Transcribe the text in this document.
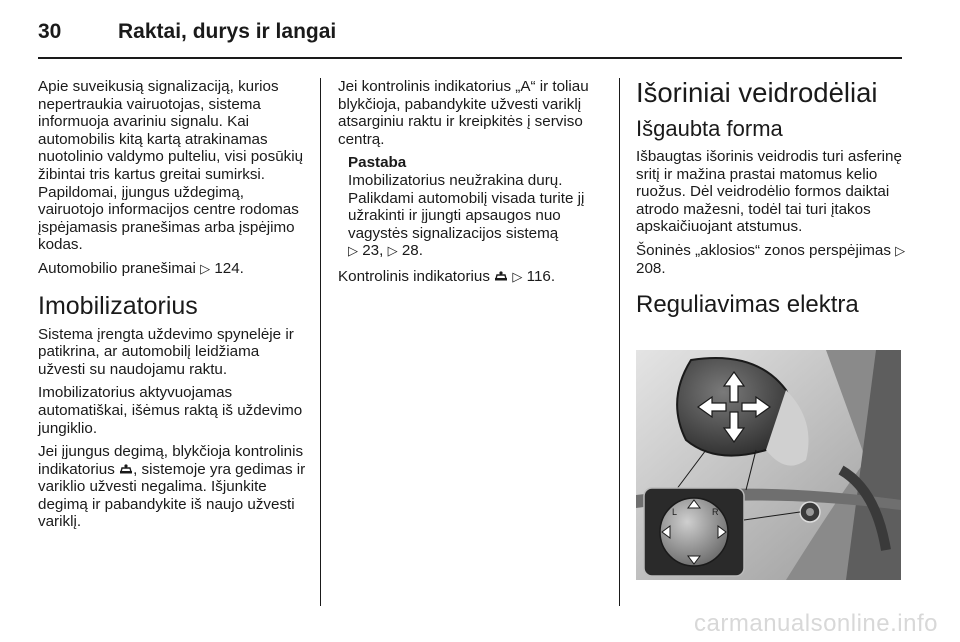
30	Raktai, durys ir langai

Apie suveikusią signalizaciją, kurios nepertraukia vairuotojas, sistema informuoja avariniu signalu. Kai automobilis kitą kartą atrakinamas nuotolinio valdymo pulteliu, visi posūkių žibintai tris kartus greitai sumirksi. Papildomai, įjungus uždegimą, vairuotojo informacijos centre rodomas įspėjamasis pranešimas arba įspėjimo kodas.

Automobilio pranešimai ▷ 124.

Imobilizatorius

Sistema įrengta uždevimo spynelėje ir patikrina, ar automobilį leidžiama užvesti su naudojamu raktu.

Imobilizatorius aktyvuojamas automatiškai, išėmus raktą iš uždevimo jungiklio.

Jei įjungus degimą, blykčioja kontrolinis indikatorius , sistemoje yra gedimas ir variklio užvesti negalima. Išjunkite degimą ir pabandykite iš naujo užvesti variklį.

Jei kontrolinis indikatorius „A“ ir toliau blykčioja, pabandykite užvesti variklį atsarginiu raktu ir kreipkitės į serviso centrą.

Pastaba
Imobilizatorius neužrakina durų. Palikdami automobilį visada turite jį užrakinti ir įjungti apsaugos nuo vagystės signalizacijos sistemą
▷ 23, ▷ 28.

Kontrolinis indikatorius ▷ 116.

Išoriniai veidrodėliai
Išgaubta forma

Išbaugtas išorinis veidrodis turi asferinę sritį ir mažina prastai matomus kelio ruožus. Dėl veidrodėlio formos daiktai atrodo mažesni, todėl tai turi įtakos apskaičiuojant atstumus.

Šoninės „aklosios“ zonos perspėjimas ▷ 208.

Reguliavimas elektra
L	R
carmanualsonline.info
